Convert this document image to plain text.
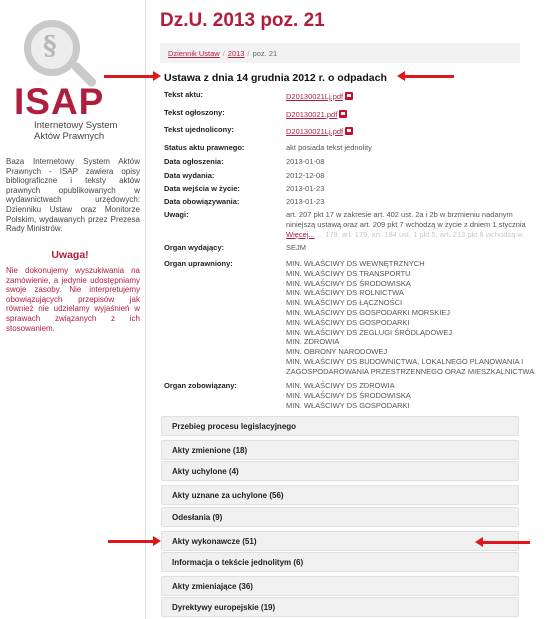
§
ISAP
Internetowy System
Aktów Prawnych
Baza Internetowy System Aktów Prawnych - ISAP zawiera opisy bibliograficzne i teksty aktów prawnych opublikowanych w wydawnictwach urzędowych: Dzienniku Ustaw oraz Monitorze Polskim, wydawanych przez Prezesa Rady Ministrów.
Uwaga!
Nie dokonujemy wyszukiwania na zamówienie, a jedynie udostępniamy swoje zasoby. Nie interpretujemy obowiązujących przepisów jak również nie udzielamy wyjaśnień w sprawach związanych z ich stosowaniem.
Dz.U. 2013 poz. 21
Dziennik Ustaw / 2013 / poz. 21
Ustawa z dnia 14 grudnia 2012 r. o odpadach
Tekst aktu:	D20130021Lj.pdf
Tekst ogłoszony:	D20130021.pdf
Tekst ujednolicony:	D20130021Lj.pdf
Status aktu prawnego:	akt posiada tekst jednolity
Data ogłoszenia:	2013-01-08
Data wydania:	2012-12-08
Data wejścia w życie:	2013-01-23
Data obowiązywania:	2013-01-23
Uwagi:	art. 207 pkt 17 w zakresie art. 402 ust. 2a i 2b w brzmieniu nadanym
niniejszą ustawą oraz art. 209 pkt 7 wchodzą w życie z dniem 1 stycznia
Więcej... ... 179, art. 179, art. 184 ust. 1 pkt 5, art. 213 pkt 8 wchodzą w
Organ wydający:	SEJM
Organ uprawniony:	MIN. WŁAŚCIWY DS WEWNĘTRZNYCH
MIN. WŁAŚCIWY DS TRANSPORTU
MIN. WŁAŚCIWY DS ŚRODOWISKA
MIN. WŁAŚCIWY DS ROLNICTWA
MIN. WŁAŚCIWY DS ŁĄCZNOŚCI
MIN. WŁAŚCIWY DS GOSPODARKI MORSKIEJ
MIN. WŁAŚCIWY DS GOSPODARKI
MIN. WŁAŚCIWY DS ŻEGLUGI ŚRÓDLĄDOWEJ
MIN. ZDROWIA
MIN. OBRONY NARODOWEJ
MIN. WŁAŚCIWY DS BUDOWNICTWA, LOKALNEGO PLANOWANIA I
ZAGOSPODAROWANIA PRZESTRZENNEGO ORAZ MIESZKALNICTWA
Organ zobowiązany:	MIN. WŁAŚCIWY DS ZDROWIA
MIN. WŁAŚCIWY DS ŚRODOWISKA
MIN. WŁAŚCIWY DS GOSPODARKI
Przebieg procesu legislacyjnego
Akty zmienione (18)
Akty uchylone (4)
Akty uznane za uchylone (56)
Odesłania (9)
Akty wykonawcze (51)
Informacja o tekście jednolitym (6)
Akty zmieniające (36)
Dyrektywy europejskie (19)
